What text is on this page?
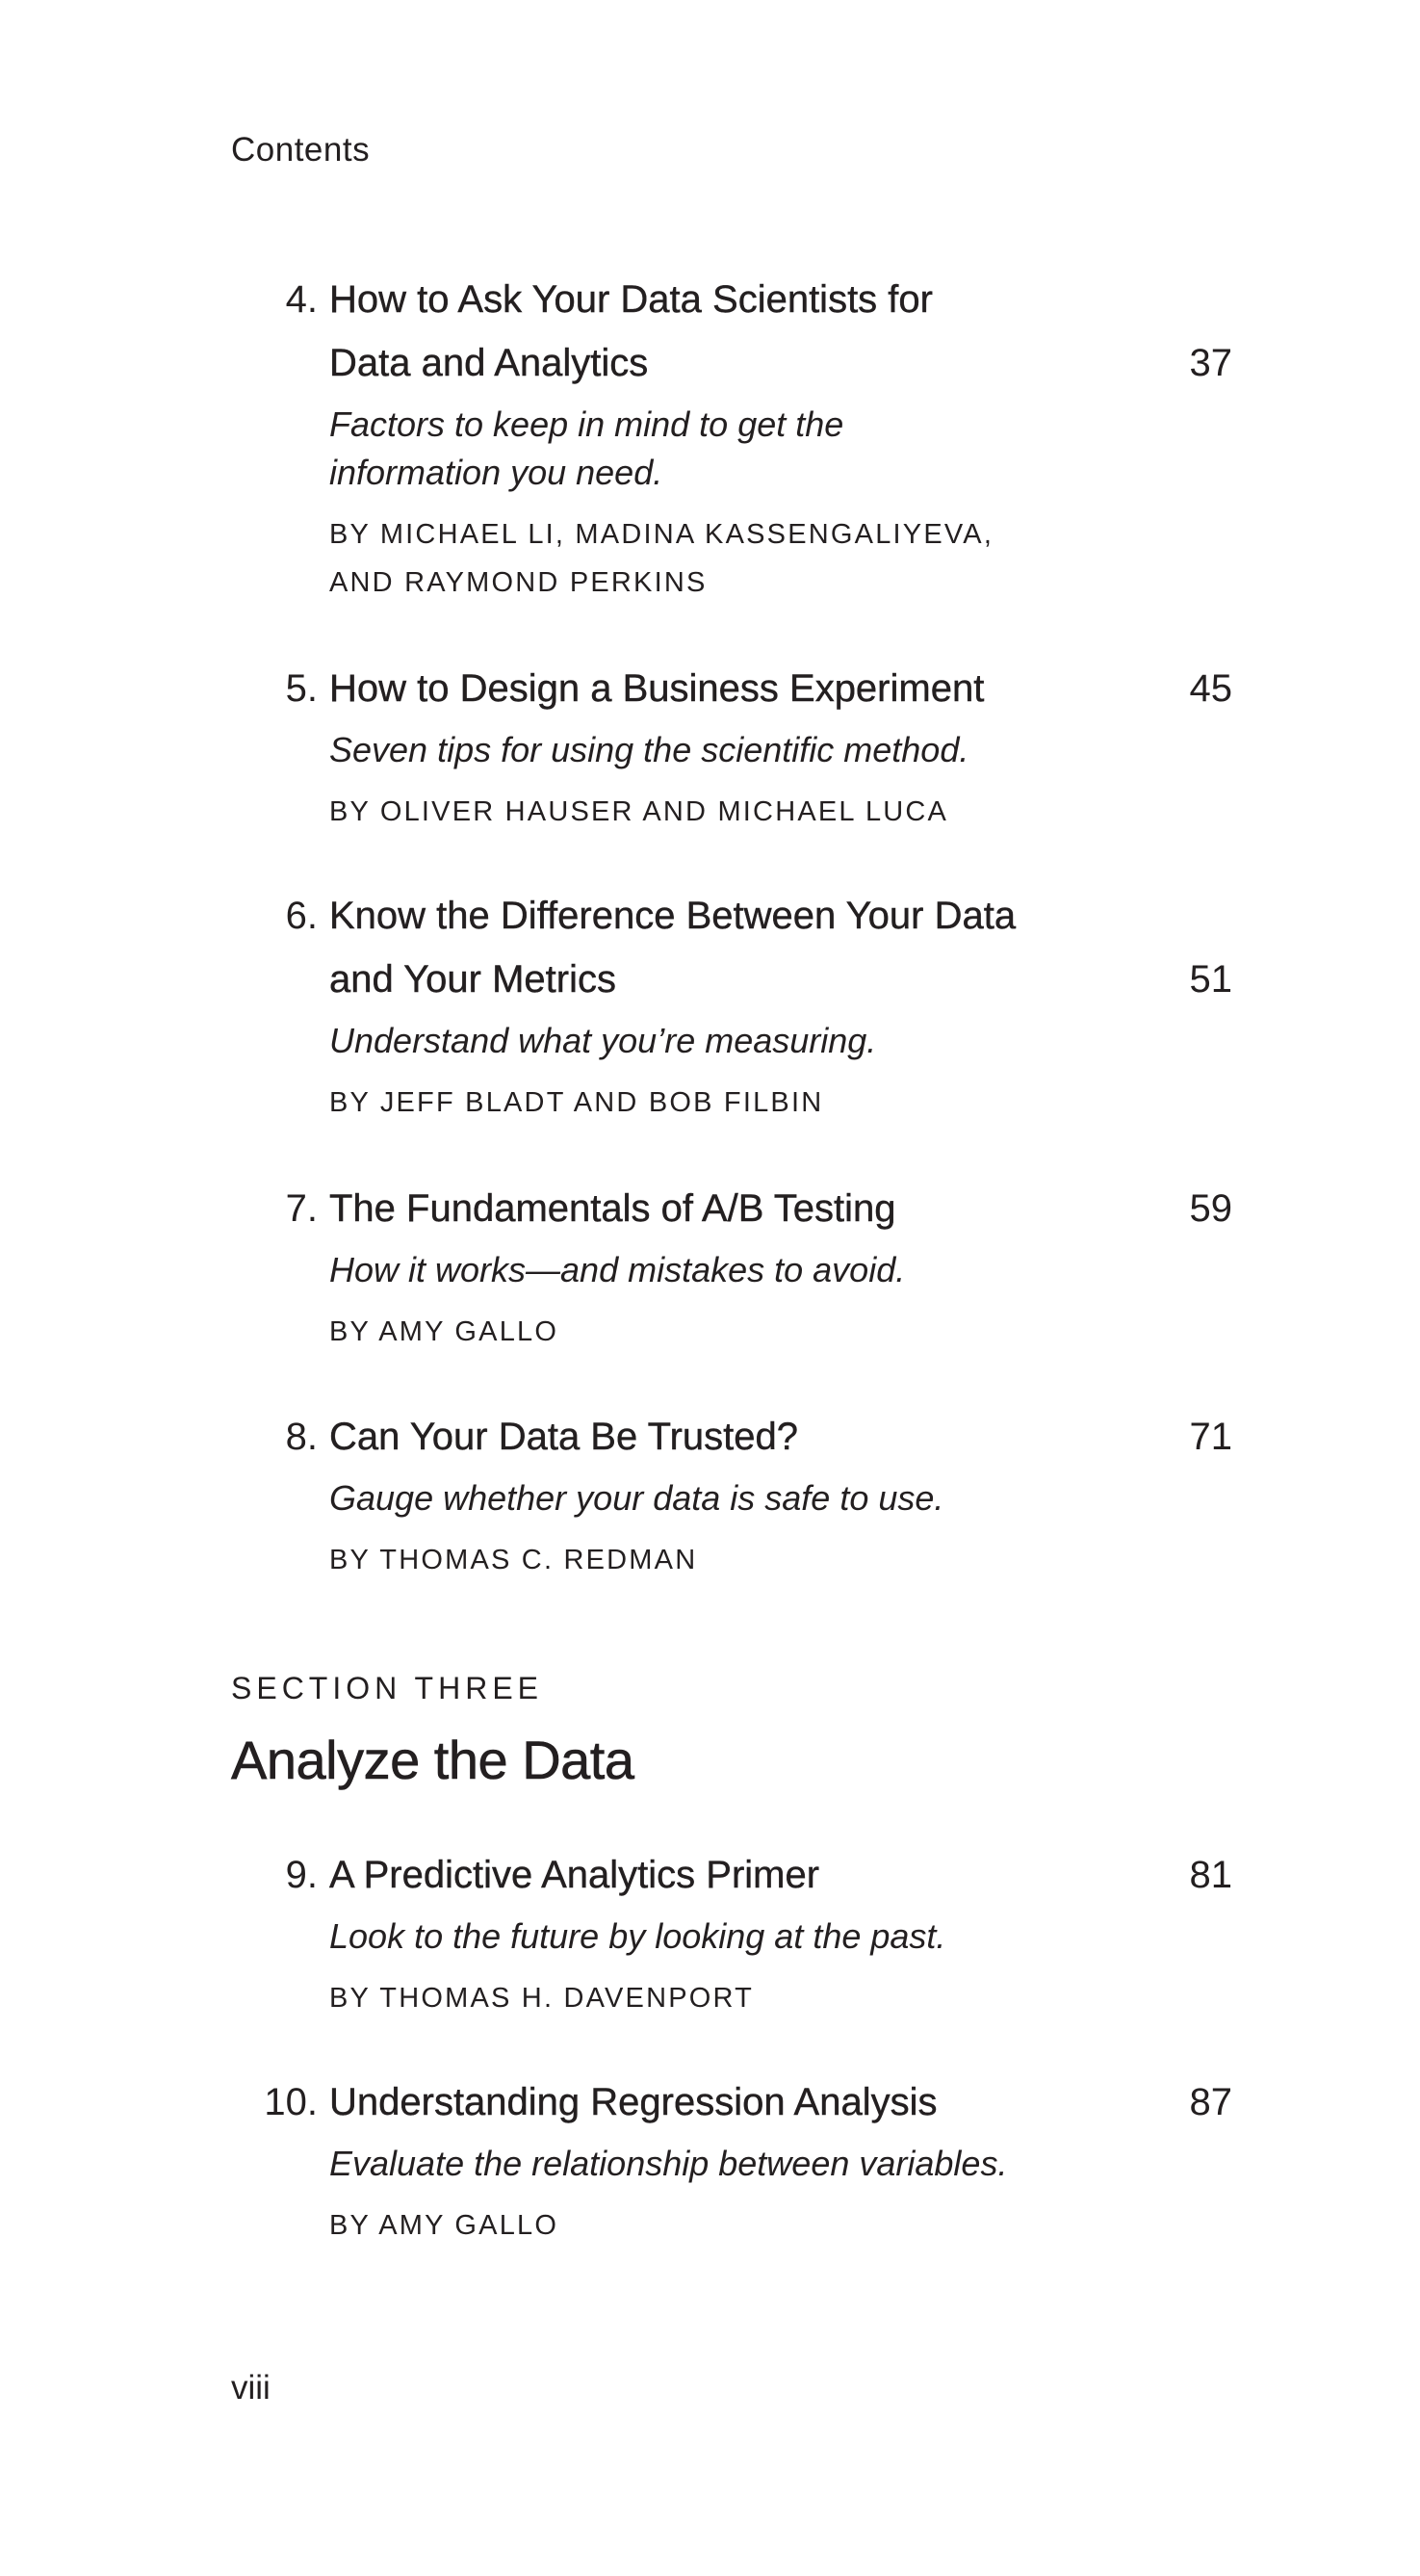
Contents
4. How to Ask Your Data Scientists for
Data and Analytics
Factors to keep in mind to get the
information you need.
BY MICHAEL LI, MADINA KASSENGALIYEVA,
AND RAYMOND PERKINS
37
5. How to Design a Business Experiment
Seven tips for using the scientific method.
BY OLIVER HAUSER AND MICHAEL LUCA
45
6. Know the Difference Between Your Data
and Your Metrics
Understand what you’re measuring.
BY JEFF BLADT AND BOB FILBIN
51
7. The Fundamentals of A/B Testing
How it works—and mistakes to avoid.
BY AMY GALLO
59
8. Can Your Data Be Trusted?
Gauge whether your data is safe to use.
BY THOMAS C. REDMAN
71
SECTION THREE
Analyze the Data
9. A Predictive Analytics Primer
Look to the future by looking at the past.
BY THOMAS H. DAVENPORT
81
10. Understanding Regression Analysis
Evaluate the relationship between variables.
BY AMY GALLO
87
viii
